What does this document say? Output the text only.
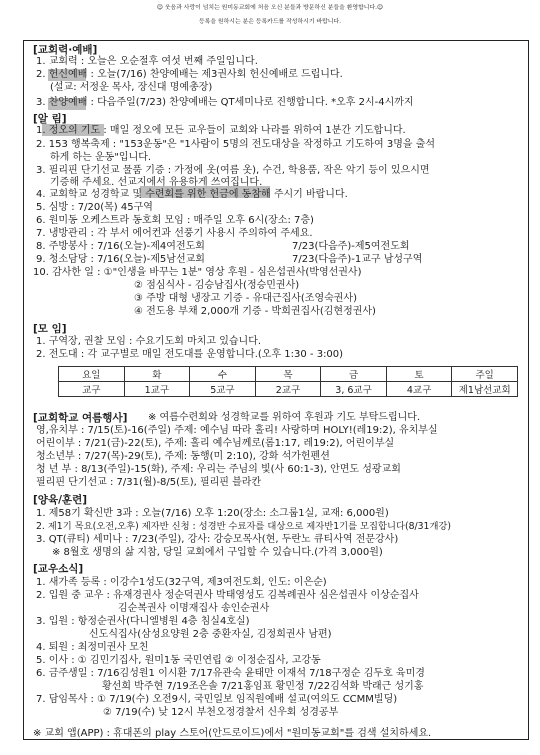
☺ 웃음과 사랑이 넘치는 원미동교회에 처음 오신 분들과 방문하신 분들을 환영합니다.☺
등록을 원하시는 분은 등록카드를 작성하시기 바랍니다.
[교회력·예배]
1. 교회력 : 오늘은 오순절후 여섯 번째 주일입니다.
2. 헌신예배 : 오늘(7/16) 찬양예배는 제3권사회 헌신예배로 드립니다.
(설교: 서정운 목사, 장신대 명예총장)
3. 찬양예배 : 다음주일(7/23) 찬양예배는 QT세미나로 진행합니다. *오후 2시-4시까지
[알 림]
1. 정오의 기도 : 매일 정오에 모든 교우들이 교회와 나라를 위하여 1분간 기도합니다.
2. 153 행복축제 : "153운동"은 "1사람이 5명의 전도대상을 작정하고 기도하여 3명을 출석
하게 하는 운동"입니다.
3. 필리핀 단기선교 물품 기증 : 가정에 옷(여름 옷), 수건, 학용품, 작은 악기 등이 있으시면
기증해 주세요. 선교지에서 유용하게 쓰여집니다.
4. 교회학교 성경학교 및 수련회를 위한 헌금에 동참해 주시기 바랍니다.
5. 심방 : 7/20(목) 45구역
6. 원미동 오케스트라 동호회 모임 : 매주일 오후 6시(장소: 7층)
7. 냉방관리 : 각 부서 에어컨과 선풍기 사용시 주의하여 주세요.
8. 주방봉사 : 7/16(오늘)-제4여전도회	7/23(다음주)-제5여전도회
9. 청소담당 : 7/16(오늘)-제5남선교회	7/23(다음주)-1교구 남성구역
10. 감사한 일 : ①"인생을 바꾸는 1분" 영상 후원 - 심은섭권사(박영선권사)
② 점심식사 - 김승남집사(정승민권사)
③ 주방 대형 냉장고 기증 - 유대근집사(조영숙권사)
④ 전도용 부채 2,000개 기증 - 박희권집사(김현정권사)
[모 임]
1. 구역장, 권찰 모임 : 수요기도회 마치고 있습니다.
2. 전도대 : 각 교구별로 매일 전도대를 운영합니다.(오후 1:30 - 3:00)
요일	화	수	목	금	토	주일
교구	1교구	5교구	2교구	3, 6교구	4교구	제1남선교회
[교회학교 여름행사] ※ 여름수련회와 성경학교를 위하여 후원과 기도 부탁드립니다.
영,유치부 : 7/15(토)-16(주일) 주제: 예수님 따라 홀리! 사랑하며 HOLY!(레19:2), 유치부실
어린이부 : 7/21(금)-22(토), 주제: 홀리 예수님께로(롬1:17, 레19:2), 어린이부실
청소년부 : 7/27(목)-29(토), 주제: 동행(미 2:10), 강화 석가헌펜션
청 년 부 : 8/13(주일)-15(화), 주제: 우리는 주님의 빛(사 60:1-3), 안면도 성광교회
필리핀 단기선교 : 7/31(월)-8/5(토), 필리핀 블라칸
[양육/훈련]
1. 제58기 확신반 3과 : 오늘(7/16) 오후 1:20(장소: 소그룹1실, 교재: 6,000원)
2. 제1기 목요(오전,오후) 제자반 신청 : 성경반 수료자를 대상으로 제자반1기를 모집합니다(8/31개강)
3. QT(큐티) 세미나 : 7/23(주일), 강사: 강승모목사(현, 두란노 큐티사역 전문강사)
※ 8월호 생명의 삶 지참, 당일 교회에서 구입할 수 있습니다.(가격 3,000원)
[교우소식]
1. 새가족 등록 : 이강수1성도(32구역, 제3여전도회, 인도: 이은순)
2. 입원 중 교우 : 유재경권사 정순덕권사 박태영성도 김복례권사 심은섭권사 이상순집사
김순복권사 이명재집사 송인순권사
3. 입원 : 항정순권사(다니엘병원 4층 침실4호실)
신도식집사(삼성요양원 2층 중환자실, 김정희권사 남편)
4. 퇴원 : 최정미권사 모친
5. 이사 : ① 김민기집사, 원미1동 국민연립 ② 이정순집사, 고강동
6. 금주생일 : 7/16김성원1 이시환 7/17유관숙 윤태만 이재석 7/18구정순 김두호 육미경
황선희 박주현 7/19조은솔 7/21홍임표 황민정 7/22김석화 박래근 성기홍
7. 담임목사 : ① 7/19(수) 오전9시, 국민일보 임직원예배 설교(여의도 CCMM빌딩)
② 7/19(수) 낮 12시 부천오정경찰서 신우회 성경공부
※ 교회 앱(APP) : 휴대폰의 play 스토어(안드로이드)에서 "원미동교회"를 검색 설치하세요.
